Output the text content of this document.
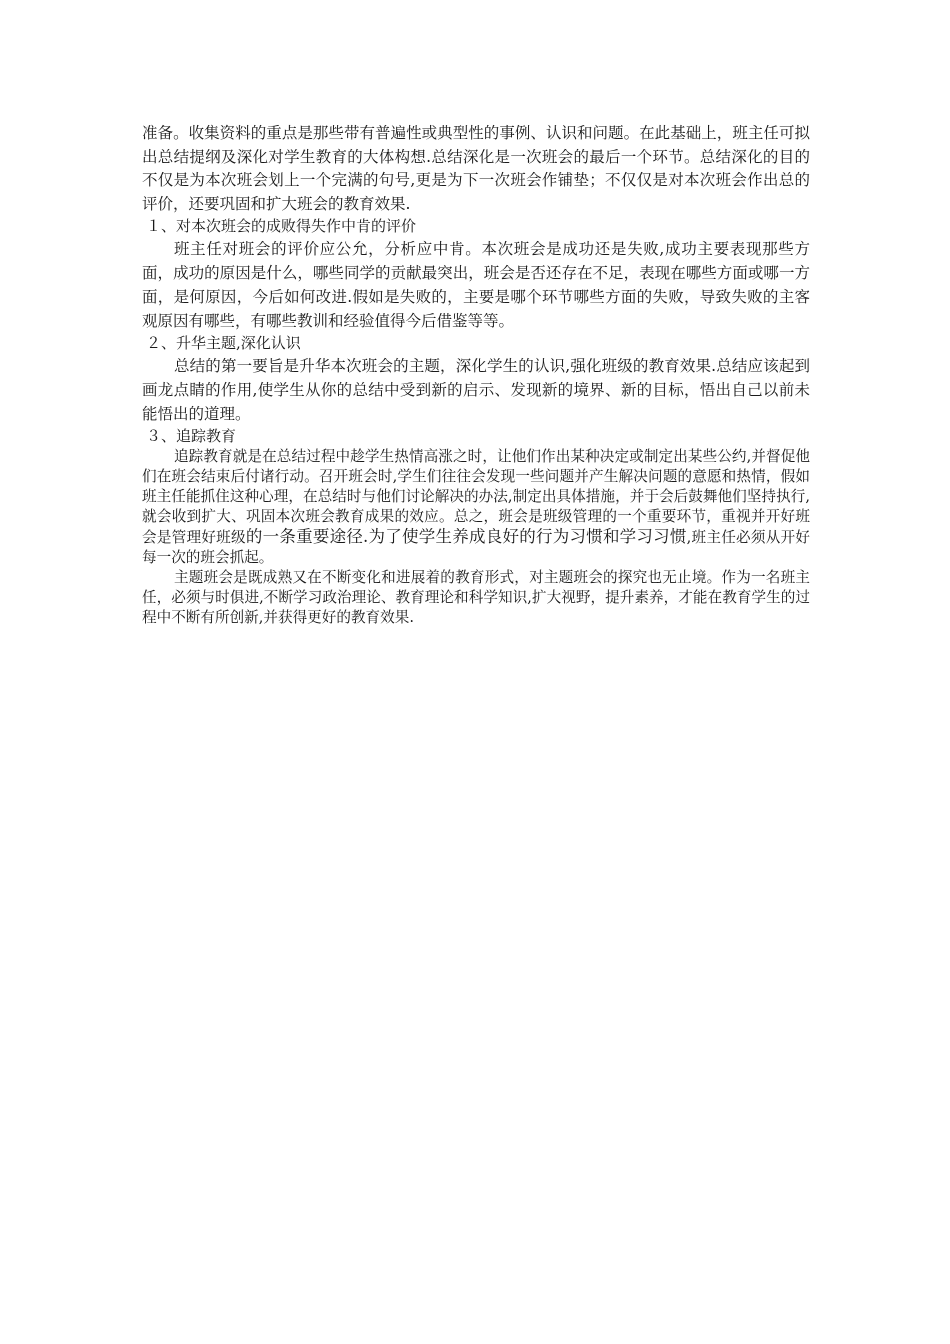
准备。收集资料的重点是那些带有普遍性或典型性的事例、认识和问题。在此基础上，班主任可拟出总结提纲及深化对学生教育的大体构想.总结深化是一次班会的最后一个环节。总结深化的目的不仅是为本次班会划上一个完满的句号,更是为下一次班会作铺垫；不仅仅是对本次班会作出总的评价，还要巩固和扩大班会的教育效果.

１、对本次班会的成败得失作中肯的评价

班主任对班会的评价应公允，分析应中肯。本次班会是成功还是失败,成功主要表现那些方面，成功的原因是什么，哪些同学的贡献最突出，班会是否还存在不足，表现在哪些方面或哪一方面，是何原因，今后如何改进.假如是失败的，主要是哪个环节哪些方面的失败，导致失败的主客观原因有哪些，有哪些教训和经验值得今后借鉴等等。

２、升华主题,深化认识

总结的第一要旨是升华本次班会的主题，深化学生的认识,强化班级的教育效果.总结应该起到画龙点睛的作用,使学生从你的总结中受到新的启示、发现新的境界、新的目标，悟出自己以前未能悟出的道理。

３、追踪教育

追踪教育就是在总结过程中趁学生热情高涨之时，让他们作出某种决定或制定出某些公约,并督促他们在班会结束后付诸行动。召开班会时,学生们往往会发现一些问题并产生解决问题的意愿和热情，假如班主任能抓住这种心理，在总结时与他们讨论解决的办法,制定出具体措施，并于会后鼓舞他们坚持执行,就会收到扩大、巩固本次班会教育成果的效应。总之，班会是班级管理的一个重要环节，重视并开好班会是管理好班级的一条重要途径.为了使学生养成良好的行为习惯和学习习惯,班主任必须从开好每一次的班会抓起。

主题班会是既成熟又在不断变化和进展着的教育形式，对主题班会的探究也无止境。作为一名班主任，必须与时俱进,不断学习政治理论、教育理论和科学知识,扩大视野，提升素养，才能在教育学生的过程中不断有所创新,并获得更好的教育效果.
